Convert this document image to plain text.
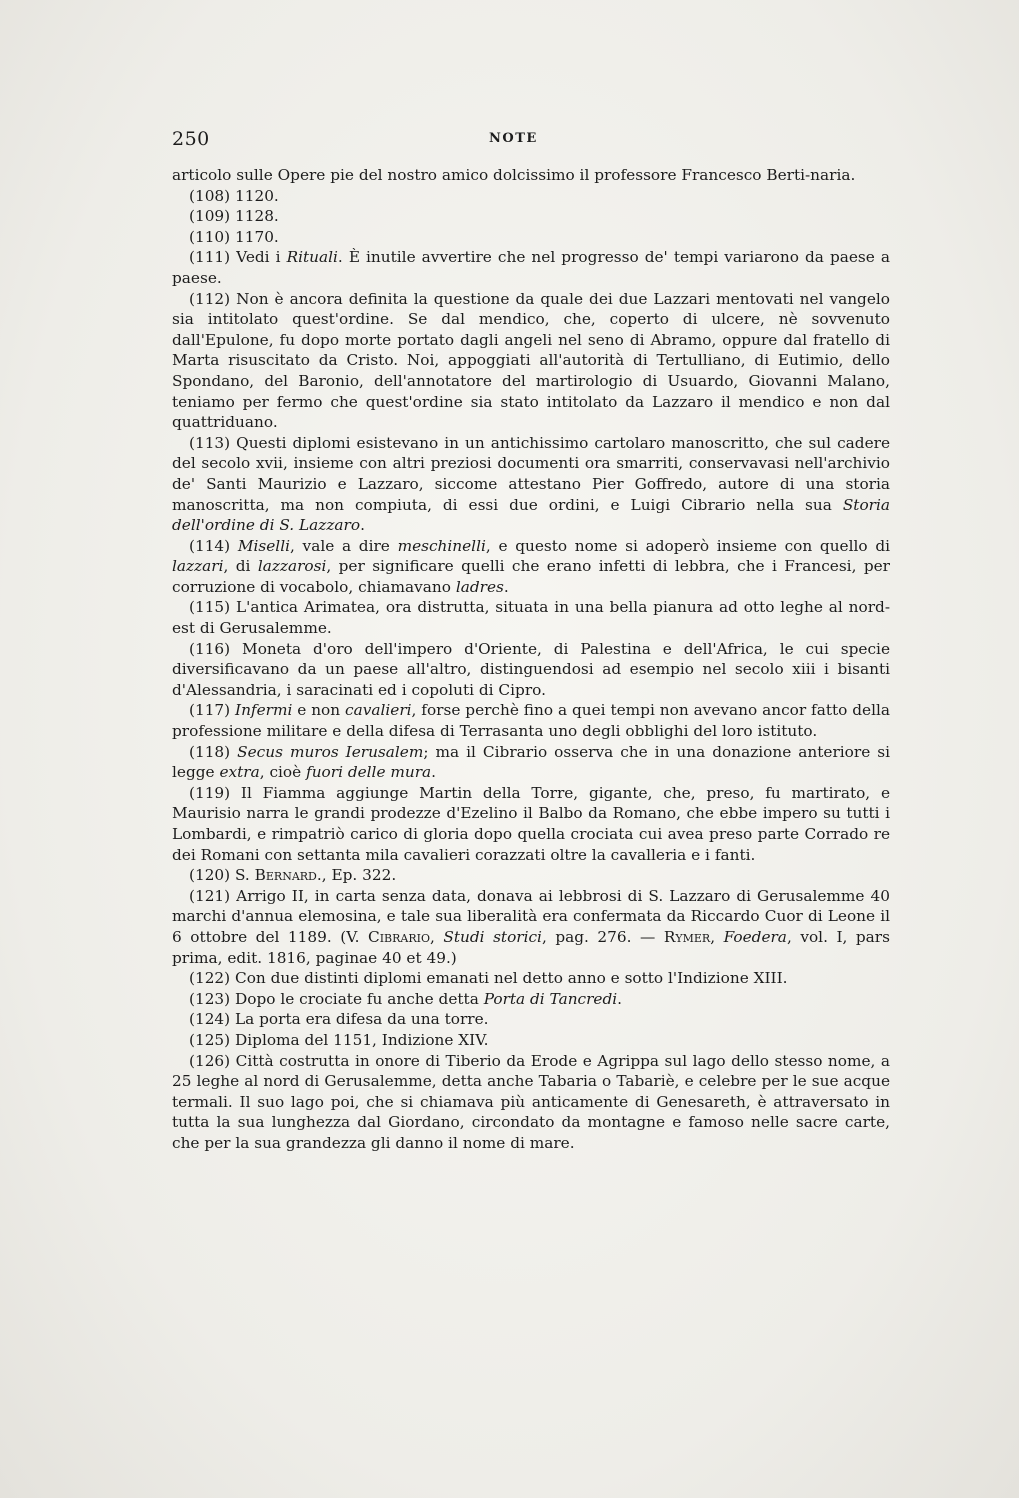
250	NOTE

articolo sulle Opere pie del nostro amico dolcissimo il professore Francesco Berti-naria.

(108) 1120.

(109) 1128.

(110) 1170.

(111) Vedi i Rituali. È inutile avvertire che nel progresso de' tempi variarono da paese a paese.

(112) Non è ancora definita la questione da quale dei due Lazzari mentovati nel vangelo sia intitolato quest'ordine. Se dal mendico, che, coperto di ulcere, nè sovvenuto dall'Epulone, fu dopo morte portato dagli angeli nel seno di Abramo, oppure dal fratello di Marta risuscitato da Cristo. Noi, appoggiati all'autorità di Tertulliano, di Eutimio, dello Spondano, del Baronio, dell'annotatore del martirologio di Usuardo, Giovanni Malano, teniamo per fermo che quest'ordine sia stato intitolato da Lazzaro il mendico e non dal quattriduano.

(113) Questi diplomi esistevano in un antichissimo cartolaro manoscritto, che sul cadere del secolo xvii, insieme con altri preziosi documenti ora smarriti, conservavasi nell'archivio de' Santi Maurizio e Lazzaro, siccome attestano Pier Goffredo, autore di una storia manoscritta, ma non compiuta, di essi due ordini, e Luigi Cibrario nella sua Storia dell'ordine di S. Lazzaro.

(114) Miselli, vale a dire meschinelli, e questo nome si adoperò insieme con quello di lazzari, di lazzarosi, per significare quelli che erano infetti di lebbra, che i Francesi, per corruzione di vocabolo, chiamavano ladres.

(115) L'antica Arimatea, ora distrutta, situata in una bella pianura ad otto leghe al nord-est di Gerusalemme.

(116) Moneta d'oro dell'impero d'Oriente, di Palestina e dell'Africa, le cui specie diversificavano da un paese all'altro, distinguendosi ad esempio nel secolo xiii i bisanti d'Alessandria, i saracinati ed i copoluti di Cipro.

(117) Infermi e non cavalieri, forse perchè fino a quei tempi non avevano ancor fatto della professione militare e della difesa di Terrasanta uno degli obblighi del loro istituto.

(118) Secus muros Ierusalem; ma il Cibrario osserva che in una donazione anteriore si legge extra, cioè fuori delle mura.

(119) Il Fiamma aggiunge Martin della Torre, gigante, che, preso, fu martirato, e Maurisio narra le grandi prodezze d'Ezelino il Balbo da Romano, che ebbe impero su tutti i Lombardi, e rimpatriò carico di gloria dopo quella crociata cui avea preso parte Corrado re dei Romani con settanta mila cavalieri corazzati oltre la cavalleria e i fanti.

(120) S. Bernard., Ep. 322.

(121) Arrigo II, in carta senza data, donava ai lebbrosi di S. Lazzaro di Gerusalemme 40 marchi d'annua elemosina, e tale sua liberalità era confermata da Riccardo Cuor di Leone il 6 ottobre del 1189. (V. Cibrario, Studi storici, pag. 276. — Rymer, Foedera, vol. I, pars prima, edit. 1816, paginae 40 et 49.)

(122) Con due distinti diplomi emanati nel detto anno e sotto l'Indizione XIII.

(123) Dopo le crociate fu anche detta Porta di Tancredi.

(124) La porta era difesa da una torre.

(125) Diploma del 1151, Indizione XIV.

(126) Città costrutta in onore di Tiberio da Erode e Agrippa sul lago dello stesso nome, a 25 leghe al nord di Gerusalemme, detta anche Tabaria o Tabariè, e celebre per le sue acque termali. Il suo lago poi, che si chiamava più anticamente di Genesareth, è attraversato in tutta la sua lunghezza dal Giordano, circondato da montagne e famoso nelle sacre carte, che per la sua grandezza gli danno il nome di mare.
